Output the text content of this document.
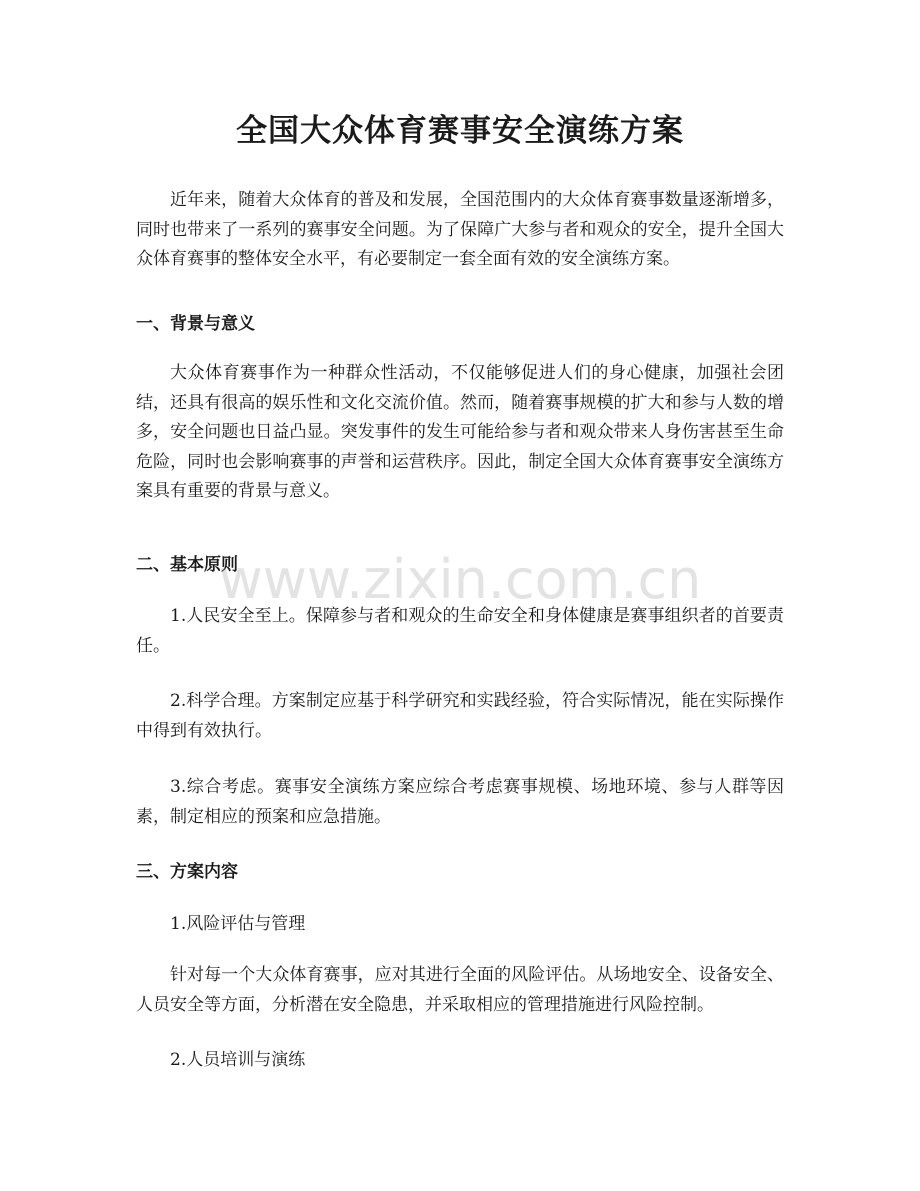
全国大众体育赛事安全演练方案

近年来，随着大众体育的普及和发展，全国范围内的大众体育赛事数量逐渐增多，同时也带来了一系列的赛事安全问题。为了保障广大参与者和观众的安全，提升全国大众体育赛事的整体安全水平，有必要制定一套全面有效的安全演练方案。

一、背景与意义

大众体育赛事作为一种群众性活动，不仅能够促进人们的身心健康，加强社会团结，还具有很高的娱乐性和文化交流价值。然而，随着赛事规模的扩大和参与人数的增多，安全问题也日益凸显。突发事件的发生可能给参与者和观众带来人身伤害甚至生命危险，同时也会影响赛事的声誉和运营秩序。因此，制定全国大众体育赛事安全演练方案具有重要的背景与意义。

二、基本原则

1.人民安全至上。保障参与者和观众的生命安全和身体健康是赛事组织者的首要责任。

2.科学合理。方案制定应基于科学研究和实践经验，符合实际情况，能在实际操作中得到有效执行。

3.综合考虑。赛事安全演练方案应综合考虑赛事规模、场地环境、参与人群等因素，制定相应的预案和应急措施。

三、方案内容

1.风险评估与管理

针对每一个大众体育赛事，应对其进行全面的风险评估。从场地安全、设备安全、人员安全等方面，分析潜在安全隐患，并采取相应的管理措施进行风险控制。

2.人员培训与演练

www.zixin.com.cn
